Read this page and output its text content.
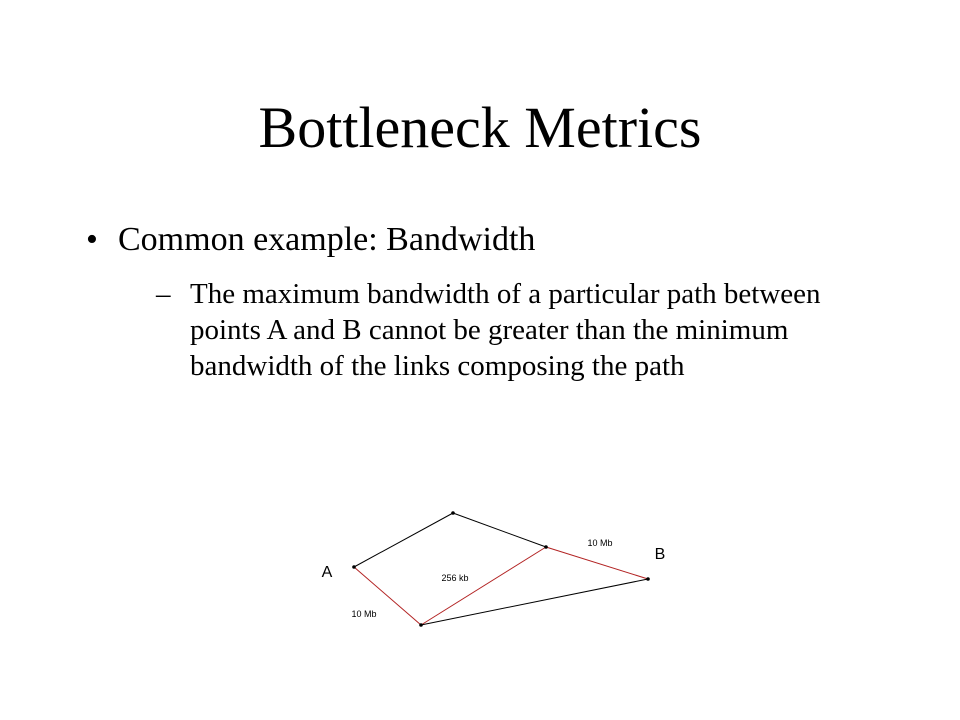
Bottleneck Metrics
• Common example: Bandwidth
– The maximum bandwidth of a particular path between points A and B cannot be greater than the minimum bandwidth of the links composing the path
10 Mb
256 kb
10 Mb
A
B
